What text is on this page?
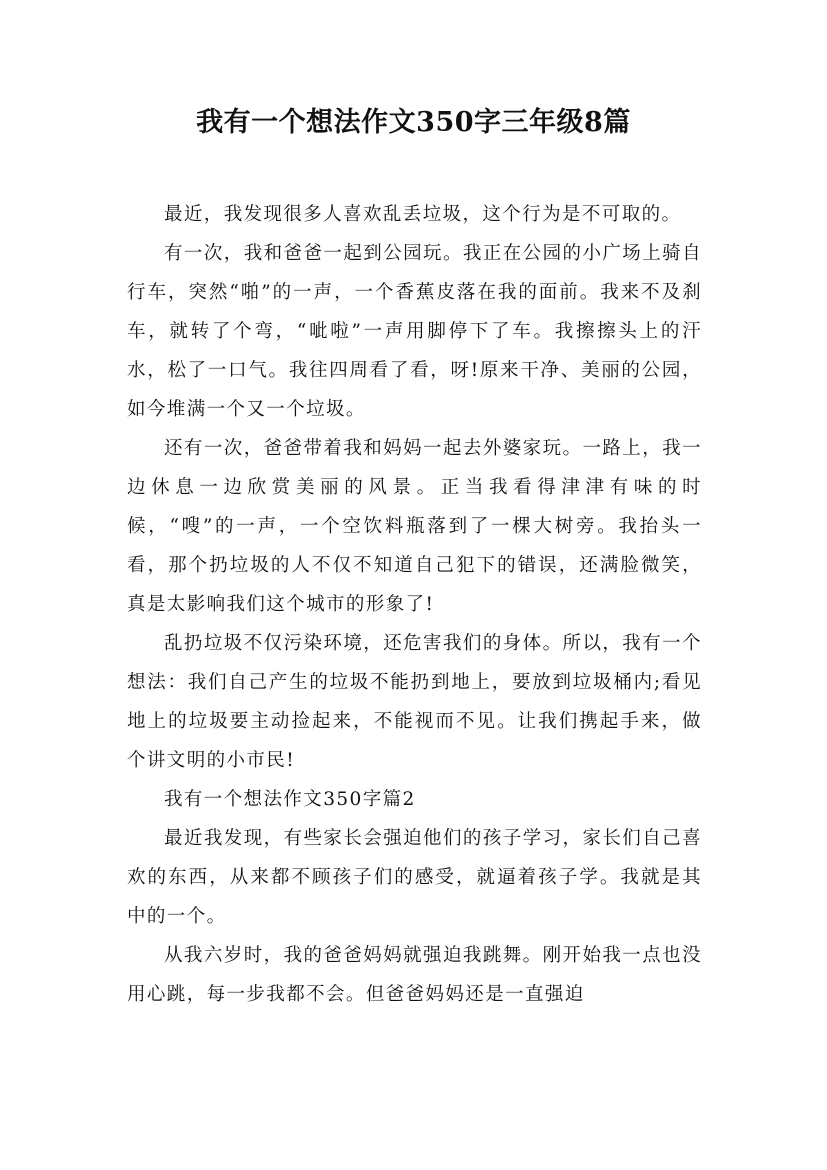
我有一个想法作文350字三年级8篇

最近，我发现很多人喜欢乱丢垃圾，这个行为是不可取的。

有一次，我和爸爸一起到公园玩。我正在公园的小广场上骑自行车，突然“啪”的一声，一个香蕉皮落在我的面前。我来不及刹车，就转了个弯，“呲啦”一声用脚停下了车。我擦擦头上的汗水，松了一口气。我往四周看了看，呀!原来干净、美丽的公园，如今堆满一个又一个垃圾。

还有一次，爸爸带着我和妈妈一起去外婆家玩。一路上，我一边休息一边欣赏美丽的风景。正当我看得津津有味的时候，“嗖”的一声，一个空饮料瓶落到了一棵大树旁。我抬头一看，那个扔垃圾的人不仅不知道自己犯下的错误，还满脸微笑，真是太影响我们这个城市的形象了!

乱扔垃圾不仅污染环境，还危害我们的身体。所以，我有一个想法：我们自己产生的垃圾不能扔到地上，要放到垃圾桶内;看见地上的垃圾要主动捡起来，不能视而不见。让我们携起手来，做个讲文明的小市民!

我有一个想法作文350字篇2

最近我发现，有些家长会强迫他们的孩子学习，家长们自己喜欢的东西，从来都不顾孩子们的感受，就逼着孩子学。我就是其中的一个。

从我六岁时，我的爸爸妈妈就强迫我跳舞。刚开始我一点也没用心跳，每一步我都不会。但爸爸妈妈还是一直强迫
